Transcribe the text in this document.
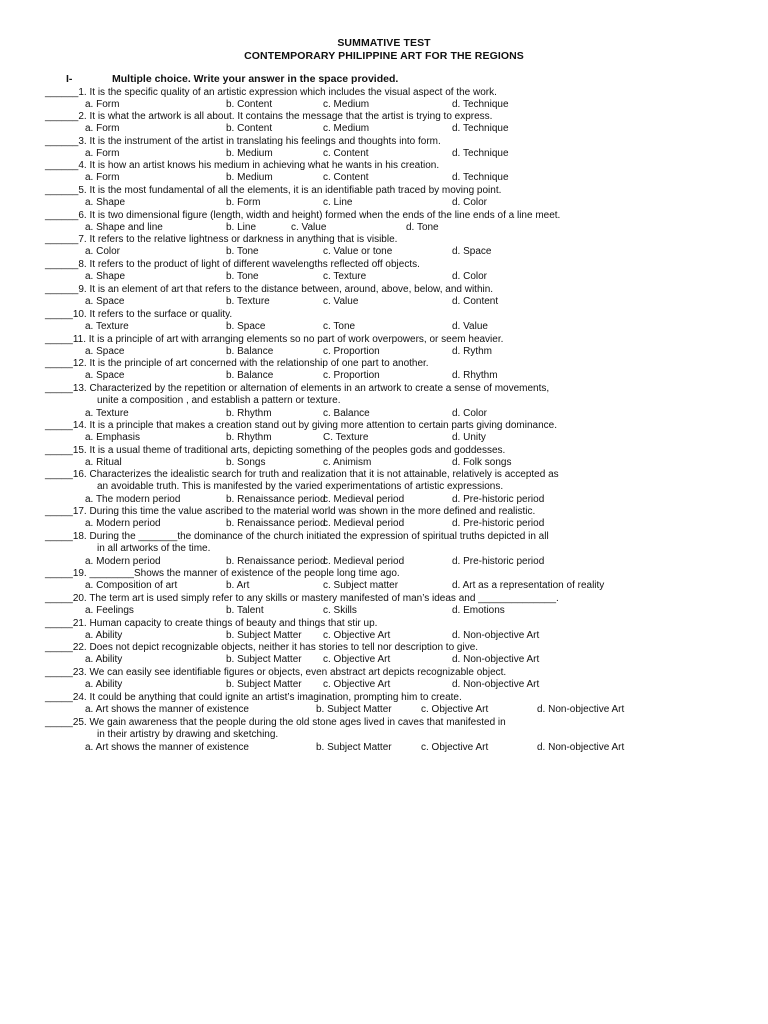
SUMMATIVE TEST
CONTEMPORARY PHILIPPINE ART FOR THE REGIONS
I-	Multiple choice. Write your answer in the space provided.
______1. It is the specific quality of an artistic expression which includes the visual aspect of the work.
a. Form	b. Content	c. Medium	d. Technique
______2. It is what the artwork is all about. It contains the message that the artist is trying to express.
a. Form	b. Content	c. Medium	d. Technique
______3. It is the instrument of the artist in translating his feelings and thoughts into form.
a. Form	b. Medium	c. Content	d. Technique
______4. It is how an artist knows his medium in achieving what he wants in his creation.
a. Form	b. Medium	c. Content	d. Technique
______5. It is the most fundamental of all the elements, it is an identifiable path traced by moving point.
a. Shape	b. Form	c. Line	d. Color
______6. It is two dimensional figure (length, width and height) formed when the ends of the line ends of a line meet.
a. Shape and line	b. Line	c. Value	d. Tone
______7. It refers to the relative lightness or darkness in anything that is visible.
a. Color	b. Tone	c. Value or tone	d. Space
______8. It refers to the product of light of different wavelengths reflected off objects.
a. Shape	b. Tone	c. Texture	d. Color
______9. It is an element of art that refers to the distance between, around, above, below, and within.
a. Space	b. Texture	c. Value	d. Content
_____10. It refers to the surface or quality.
a. Texture	b. Space	c. Tone	d. Value
_____11. It is a principle of art with arranging elements so no part of work overpowers, or seem heavier.
a. Space	b. Balance	c. Proportion	d. Rythm
_____12. It is the principle of art concerned with the relationship of one part to another.
a. Space	b. Balance	c. Proportion	d. Rhythm
_____13. Characterized by the repetition or alternation of elements in an artwork to create a sense of movements,
unite a composition , and establish a pattern or texture.
a. Texture	b. Rhythm	c. Balance	d. Color
_____14. It is a principle that makes a creation stand out by giving more attention to certain parts giving dominance.
a. Emphasis	b. Rhythm	C. Texture	d. Unity
_____15. It is a usual theme of traditional arts, depicting something of the peoples gods and goddesses.
a. Ritual	b. Songs	c. Animism	d. Folk songs
_____16. Characterizes the idealistic search for truth and realization that it is not attainable, relatively is accepted as
an avoidable truth. This is manifested by the varied experimentations of artistic expressions.
a. The modern period	b. Renaissance period
c. Medieval period	d. Pre-historic period
_____17. During this time the value ascribed to the material world was shown in the more defined and realistic.
a. Modern period	b. Renaissance period
c. Medieval period	d. Pre-historic period
_____18. During the _______the dominance of the church initiated the expression of spiritual truths depicted in all
in all artworks of the time.
a. Modern period	b. Renaissance period
c. Medieval period	d. Pre-historic period
_____19. ________Shows the manner of existence of the people long time ago.
a. Composition of art	b. Art	c. Subject matter	d. Art as a representation of reality
_____20. The term art is used simply refer to any skills or mastery manifested of man’s ideas and ______________.
a. Feelings	b. Talent	c. Skills	d. Emotions
_____21. Human capacity to create things of beauty and things that stir up.
a. Ability	b. Subject Matter c. Objective Art	d. Non-objective Art
_____22. Does not depict recognizable objects, neither it has stories to tell nor description to give.
a. Ability	b. Subject Matter c. Objective Art	d. Non-objective Art
_____23. We can easily see identifiable figures or objects, even abstract art depicts recognizable object.
a. Ability	b. Subject Matter c. Objective Art	d. Non-objective Art
_____24. It could be anything that could ignite an artist’s imagination, prompting him to create.
a. Art shows the manner of existence	b. Subject Matter	c. Objective Art	d. Non-objective Art
_____25. We gain awareness that the people during the old stone ages lived in caves that manifested in
in their artistry by drawing and sketching.
a. Art shows the manner of existence	b. Subject Matter	c. Objective Art	d. Non-objective Art
